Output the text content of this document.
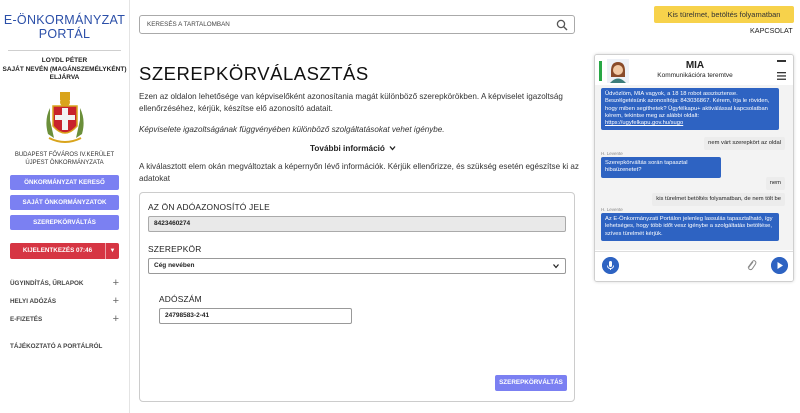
E-ÖNKORMÁNYZAT
PORTÁL
LOYDL PÉTER
SAJÁT NEVÉN (MAGÁNSZEMÉLYKÉNT)
ELJÁRVA
BUDAPEST FŐVÁROS IV.KERÜLET
ÚJPEST ÖNKORMÁNYZATA
ÖNKORMÁNYZAT KERESŐ
SAJÁT ÖNKORMÁNYZATOK
SZEREPKÖRVÁLTÁS
KIJELENTKEZÉS 07:46	▼
ÜGYINDÍTÁS, ŰRLAPOK	+
HELYI ADÓZÁS	+
E-FIZETÉS	+
TÁJÉKOZTATÓ A PORTÁLRÓL
KERESÉS A TARTALOMBAN
Kis türelmet, betöltés folyamatban
KAPCSOLAT
SZEREPKÖRVÁLASZTÁS
Ezen az oldalon lehetősége van képviselőként azonosítania magát különböző szerepkörökben. A képviselet igazoltság ellenőrzéséhez, kérjük, készítse elő azonosító adatait.
Képviselete igazoltságának függvényében különböző szolgáltatásokat vehet igénybe.
További információ
A kiválasztott elem okán megváltoztak a képernyőn lévő információk. Kérjük ellenőrizze, és szükség esetén egészítse ki az adatokat
AZ ÖN ADÓAZONOSÍTÓ JELE
8423460274
SZEREPKÖR
Cég nevében
ADÓSZÁM
24798583-2-41
SZEREPKÖRVÁLTÁS
MIA
Kommunikációra teremtve
Üdvözlöm, MIA vagyok, a 18 18 robot asszisztense. Beszélgetésünk azonosítója: 843036867. Kérem, írja le röviden, hogy miben segíthetek? Ügyfélkapu+ aktiválással kapcsolatban kérem, tekintse meg az alábbi oldalt: https://ugyfelkapu.gov.hu/sugo
nem várt szerepkört az oldal
H. Levente
Szerepkörváltás során tapasztal hibaüzenetet?
nem
kis türelmet betöltés folyamatban, de nem tölt be
H. Levente
Az E-Önkormányzati Portálon jelenleg lassulás tapasztalható, így lehetséges, hogy több időt vesz igénybe a szolgáltatás betöltése, szíves türelmét kérjük.
